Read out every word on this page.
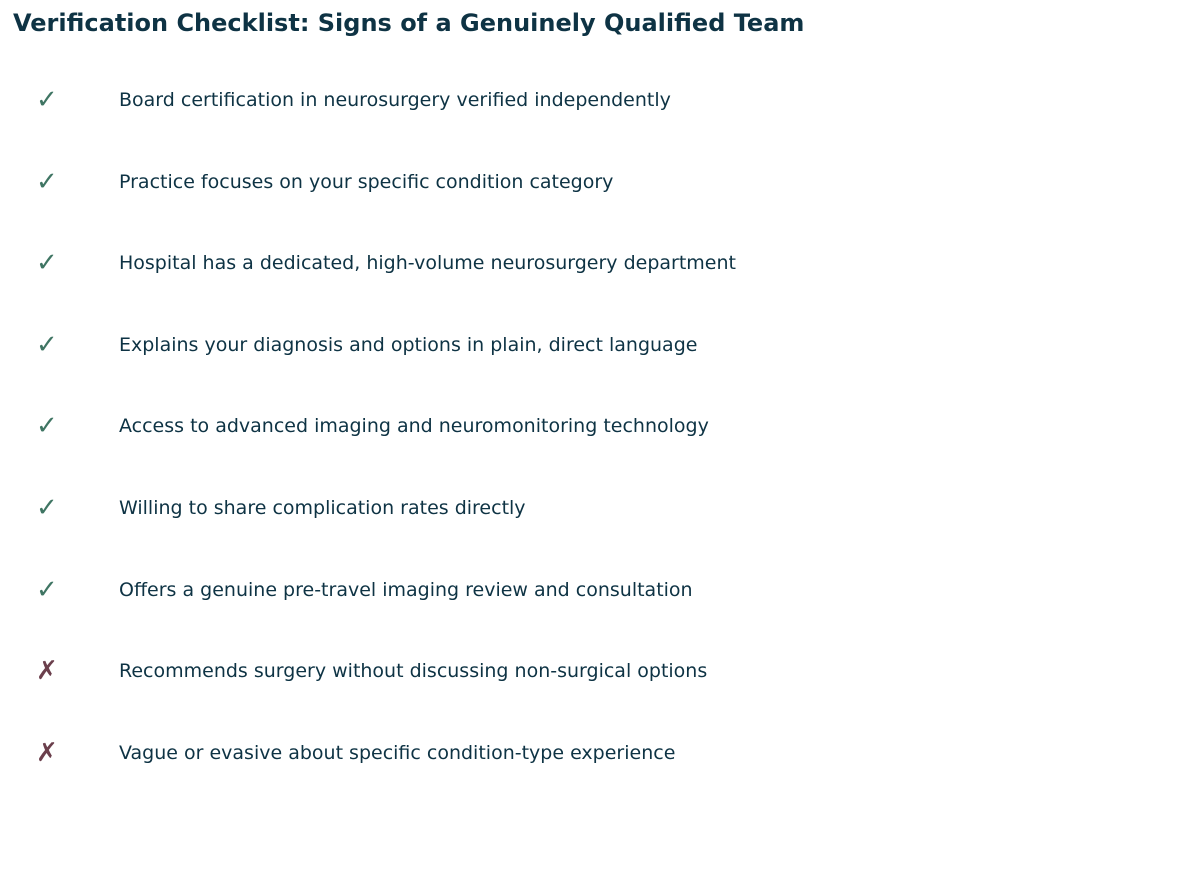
Verification Checklist: Signs of a Genuinely Qualified Team
✓	Board certification in neurosurgery verified independently
✓	Practice focuses on your specific condition category
✓	Hospital has a dedicated, high-volume neurosurgery department
✓	Explains your diagnosis and options in plain, direct language
✓	Access to advanced imaging and neuromonitoring technology
✓	Willing to share complication rates directly
✓	Offers a genuine pre-travel imaging review and consultation
✗	Recommends surgery without discussing non-surgical options
✗	Vague or evasive about specific condition-type experience
